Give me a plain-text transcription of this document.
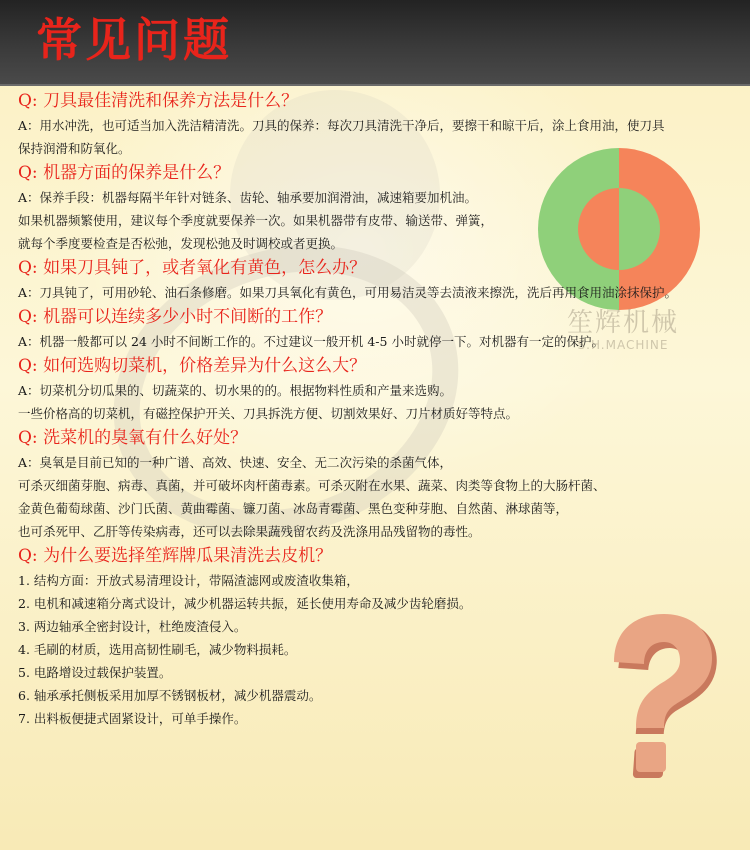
常见问题
笙辉机械
S.H.MACHINE

Q: 刀具最佳清洗和保养方法是什么？

A：用水冲洗，也可适当加入洗洁精清洗。刀具的保养：每次刀具清洗干净后，要擦干和晾干后，涂上食用油，使刀具

保持润滑和防氧化。

Q: 机器方面的保养是什么？

A：保养手段：机器每隔半年针对链条、齿轮、轴承要加润滑油，减速箱要加机油。

如果机器频繁使用，建议每个季度就要保养一次。如果机器带有皮带、输送带、弹簧，

就每个季度要检查是否松弛，发现松弛及时调校或者更换。

Q: 如果刀具钝了，或者氧化有黄色，怎么办？

A：刀具钝了，可用砂轮、油石条修磨。如果刀具氧化有黄色，可用易洁灵等去渍液来擦洗，洗后再用食用油涂抹保护。

Q: 机器可以连续多少小时不间断的工作？

A：机器一般都可以 24 小时不间断工作的。不过建议一般开机 4-5 小时就停一下。对机器有一定的保护。

Q: 如何选购切菜机，价格差异为什么这么大？

A：切菜机分切瓜果的、切蔬菜的、切水果的的。根据物料性质和产量来选购。

一些价格高的切菜机，有磁控保护开关、刀具拆洗方便、切割效果好、刀片材质好等特点。

Q: 洗菜机的臭氧有什么好处？

A：臭氧是目前已知的一种广谱、高效、快速、安全、无二次污染的杀菌气体，

可杀灭细菌芽胞、病毒、真菌，并可破坏肉杆菌毒素。可杀灭附在水果、蔬菜、肉类等食物上的大肠杆菌、

金黄色葡萄球菌、沙门氏菌、黄曲霉菌、镰刀菌、冰岛青霉菌、黑色变种芽胞、自然菌、淋球菌等，

也可杀死甲、乙肝等传染病毒，还可以去除果蔬残留农药及洗涤用品残留物的毒性。

Q: 为什么要选择笙辉牌瓜果清洗去皮机？

1. 结构方面：开放式易清理设计，带隔渣滤网或废渣收集箱，

2. 电机和减速箱分离式设计，减少机器运转共振，延长使用寿命及减少齿轮磨损。

3. 两边轴承全密封设计，杜绝废渣侵入。

4. 毛刷的材质，选用高韧性刷毛，减少物料损耗。

5. 电路增设过载保护装置。

6. 轴承承托侧板采用加厚不锈钢板材，减少机器震动。

7. 出料板便捷式固紧设计，可单手操作。
